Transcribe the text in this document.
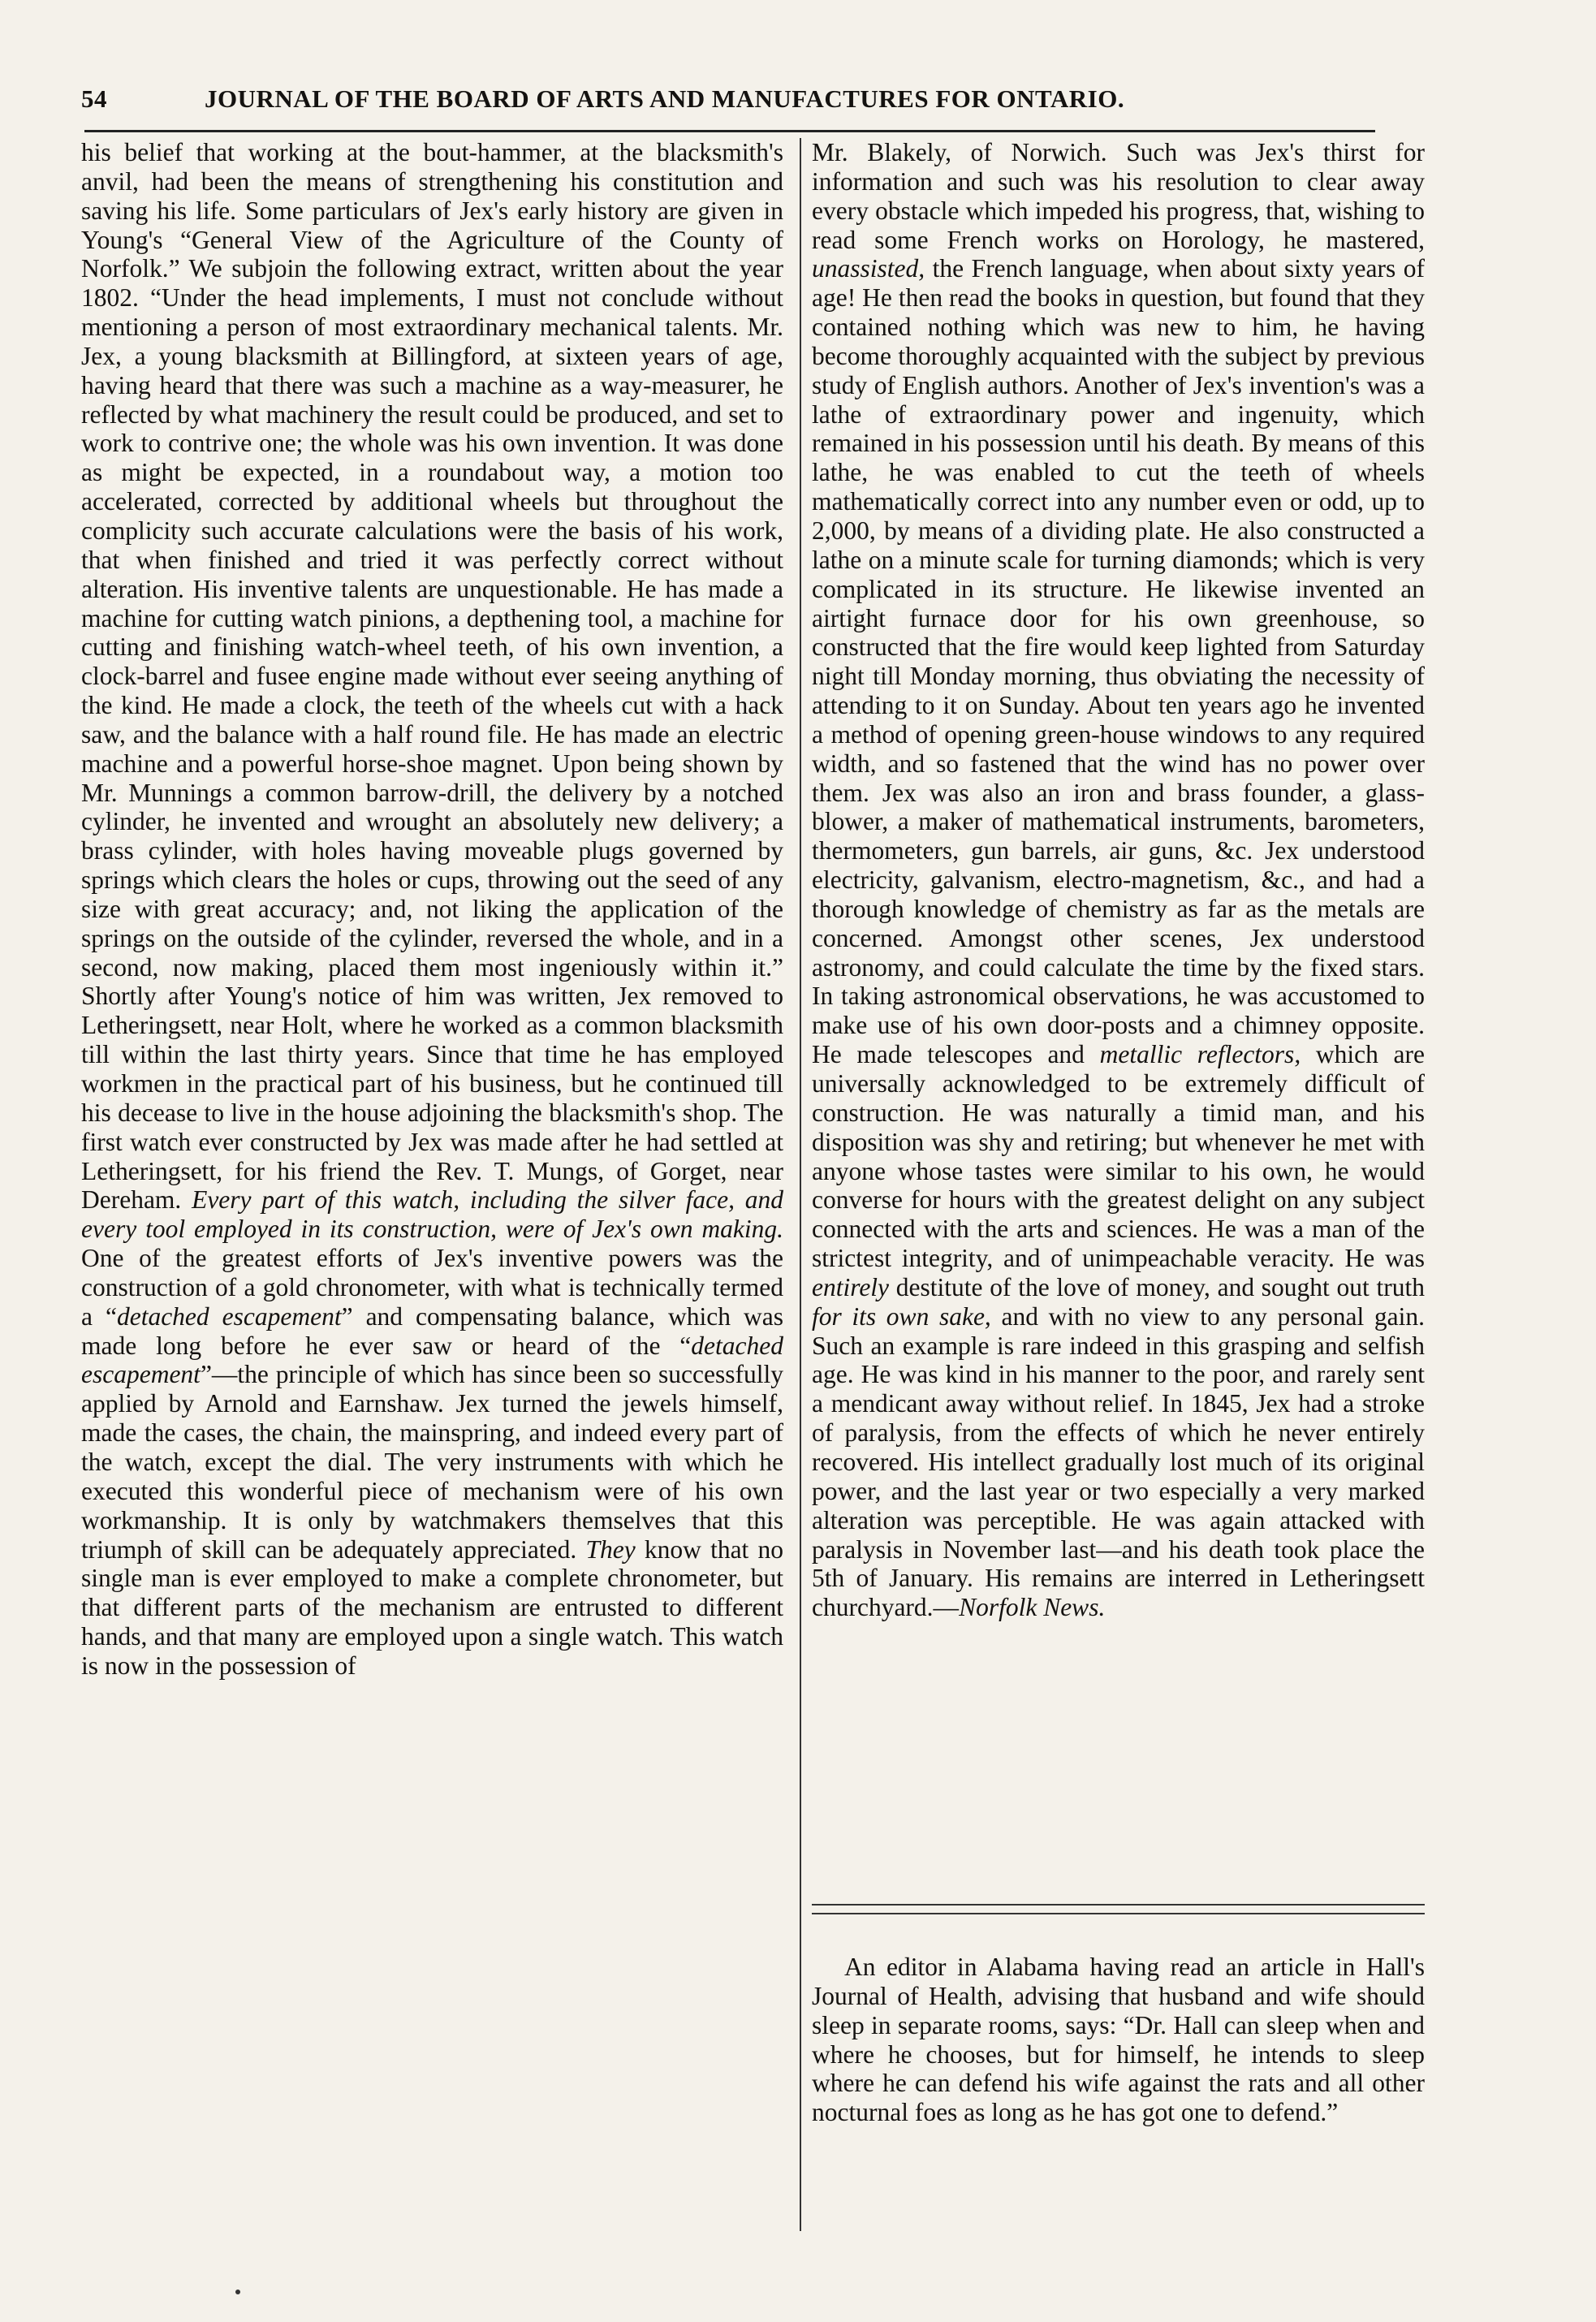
54	JOURNAL OF THE BOARD OF ARTS AND MANUFACTURES FOR ONTARIO.

his belief that working at the bout-hammer, at the blacksmith's anvil, had been the means of strengthening his constitution and saving his life. Some particulars of Jex's early history are given in Young's “General View of the Agriculture of the County of Norfolk.” We subjoin the following extract, written about the year 1802. “Under the head implements, I must not conclude without mentioning a person of most extraordinary mechanical talents. Mr. Jex, a young blacksmith at Billingford, at sixteen years of age, having heard that there was such a machine as a way-measurer, he reflected by what machinery the result could be produced, and set to work to contrive one; the whole was his own invention. It was done as might be expected, in a roundabout way, a motion too accelerated, corrected by additional wheels but throughout the complicity such accurate calculations were the basis of his work, that when finished and tried it was perfectly correct without alteration. His inventive talents are unquestionable. He has made a machine for cutting watch pinions, a depthening tool, a machine for cutting and finishing watch-wheel teeth, of his own invention, a clock-barrel and fusee engine made without ever seeing anything of the kind. He made a clock, the teeth of the wheels cut with a hack saw, and the balance with a half round file. He has made an electric machine and a powerful horse-shoe magnet. Upon being shown by Mr. Munnings a common barrow-drill, the delivery by a notched cylinder, he invented and wrought an absolutely new delivery; a brass cylinder, with holes having moveable plugs governed by springs which clears the holes or cups, throwing out the seed of any size with great accuracy; and, not liking the application of the springs on the outside of the cylinder, reversed the whole, and in a second, now making, placed them most ingeniously within it.” Shortly after Young's notice of him was written, Jex removed to Letheringsett, near Holt, where he worked as a common blacksmith till within the last thirty years. Since that time he has employed workmen in the practical part of his business, but he continued till his decease to live in the house adjoining the blacksmith's shop. The first watch ever constructed by Jex was made after he had settled at Letheringsett, for his friend the Rev. T. Mungs, of Gorget, near Dereham. Every part of this watch, including the silver face, and every tool employed in its construction, were of Jex's own making. One of the greatest efforts of Jex's inventive powers was the construction of a gold chronometer, with what is technically termed a “detached escapement” and compensating balance, which was made long before he ever saw or heard of the “detached escapement”—the principle of which has since been so successfully applied by Arnold and Earnshaw. Jex turned the jewels himself, made the cases, the chain, the mainspring, and indeed every part of the watch, except the dial. The very instruments with which he executed this wonderful piece of mechanism were of his own workmanship. It is only by watchmakers themselves that this triumph of skill can be adequately appreciated. They know that no single man is ever employed to make a complete chronometer, but that different parts of the mechanism are entrusted to different hands, and that many are employed upon a single watch. This watch is now in the possession of

Mr. Blakely, of Norwich. Such was Jex's thirst for information and such was his resolution to clear away every obstacle which impeded his progress, that, wishing to read some French works on Horology, he mastered, unassisted, the French language, when about sixty years of age! He then read the books in question, but found that they contained nothing which was new to him, he having become thoroughly acquainted with the subject by previous study of English authors. Another of Jex's invention's was a lathe of extraordinary power and ingenuity, which remained in his possession until his death. By means of this lathe, he was enabled to cut the teeth of wheels mathematically correct into any number even or odd, up to 2,000, by means of a dividing plate. He also constructed a lathe on a minute scale for turning diamonds; which is very complicated in its structure. He likewise invented an airtight furnace door for his own greenhouse, so constructed that the fire would keep lighted from Saturday night till Monday morning, thus obviating the necessity of attending to it on Sunday. About ten years ago he invented a method of opening green-house windows to any required width, and so fastened that the wind has no power over them. Jex was also an iron and brass founder, a glass-blower, a maker of mathematical instruments, barometers, thermometers, gun barrels, air guns, &c. Jex understood electricity, galvanism, electro-magnetism, &c., and had a thorough knowledge of chemistry as far as the metals are concerned. Amongst other scenes, Jex understood astronomy, and could calculate the time by the fixed stars. In taking astronomical observations, he was accustomed to make use of his own door-posts and a chimney opposite. He made telescopes and metallic reflectors, which are universally acknowledged to be extremely difficult of construction. He was naturally a timid man, and his disposition was shy and retiring; but whenever he met with anyone whose tastes were similar to his own, he would converse for hours with the greatest delight on any subject connected with the arts and sciences. He was a man of the strictest integrity, and of unimpeachable veracity. He was entirely destitute of the love of money, and sought out truth for its own sake, and with no view to any personal gain. Such an example is rare indeed in this grasping and selfish age. He was kind in his manner to the poor, and rarely sent a mendicant away without relief. In 1845, Jex had a stroke of paralysis, from the effects of which he never entirely recovered. His intellect gradually lost much of its original power, and the last year or two especially a very marked alteration was perceptible. He was again attacked with paralysis in November last—and his death took place the 5th of January. His remains are interred in Letheringsett churchyard.—Norfolk News.

An editor in Alabama having read an article in Hall's Journal of Health, advising that husband and wife should sleep in separate rooms, says: “Dr. Hall can sleep when and where he chooses, but for himself, he intends to sleep where he can defend his wife against the rats and all other nocturnal foes as long as he has got one to defend.”
